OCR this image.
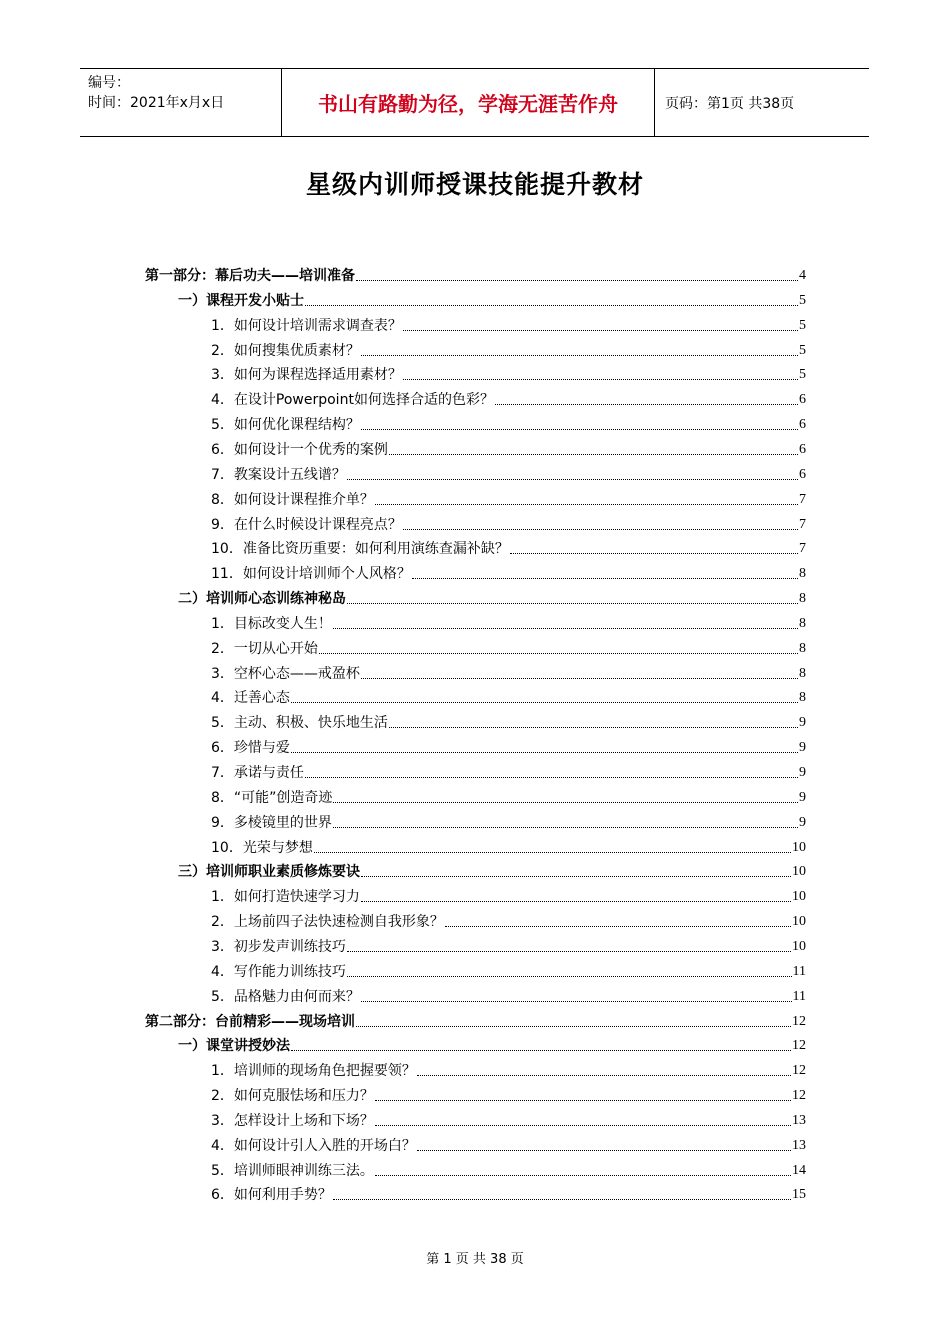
编号：
时间：2021年x月x日	书山有路勤为径，学海无涯苦作舟	页码：第1页 共38页
星级内训师授课技能提升教材
第一部分：幕后功夫——培训准备	4
一）课程开发小贴士	5
1．如何设计培训需求调查表？	5
2．如何搜集优质素材？	5
3．如何为课程选择适用素材？	5
4．在设计Powerpoint如何选择合适的色彩？	6
5．如何优化课程结构？	6
6．如何设计一个优秀的案例	6
7．教案设计五线谱？	6
8．如何设计课程推介单？	7
9．在什么时候设计课程亮点？	7
10．准备比资历重要：如何利用演练查漏补缺？	7
11．如何设计培训师个人风格？	8
二）培训师心态训练神秘岛	8
1．目标改变人生！	8
2．一切从心开始	8
3．空杯心态——戒盈杯	8
4．迁善心态	8
5．主动、积极、快乐地生活	9
6．珍惜与爱	9
7．承诺与责任	9
8．“可能”创造奇迹	9
9．多棱镜里的世界	9
10．光荣与梦想	10
三）培训师职业素质修炼要诀	10
1．如何打造快速学习力	10
2．上场前四子法快速检测自我形象？	10
3．初步发声训练技巧	10
4．写作能力训练技巧	11
5．品格魅力由何而来？	11
第二部分：台前精彩——现场培训	12
一）课堂讲授妙法	12
1．培训师的现场角色把握要领？	12
2．如何克服怯场和压力？	12
3．怎样设计上场和下场？	13
4．如何设计引人入胜的开场白？	13
5．培训师眼神训练三法。	14
6．如何利用手势？	15
第 1 页 共 38 页
